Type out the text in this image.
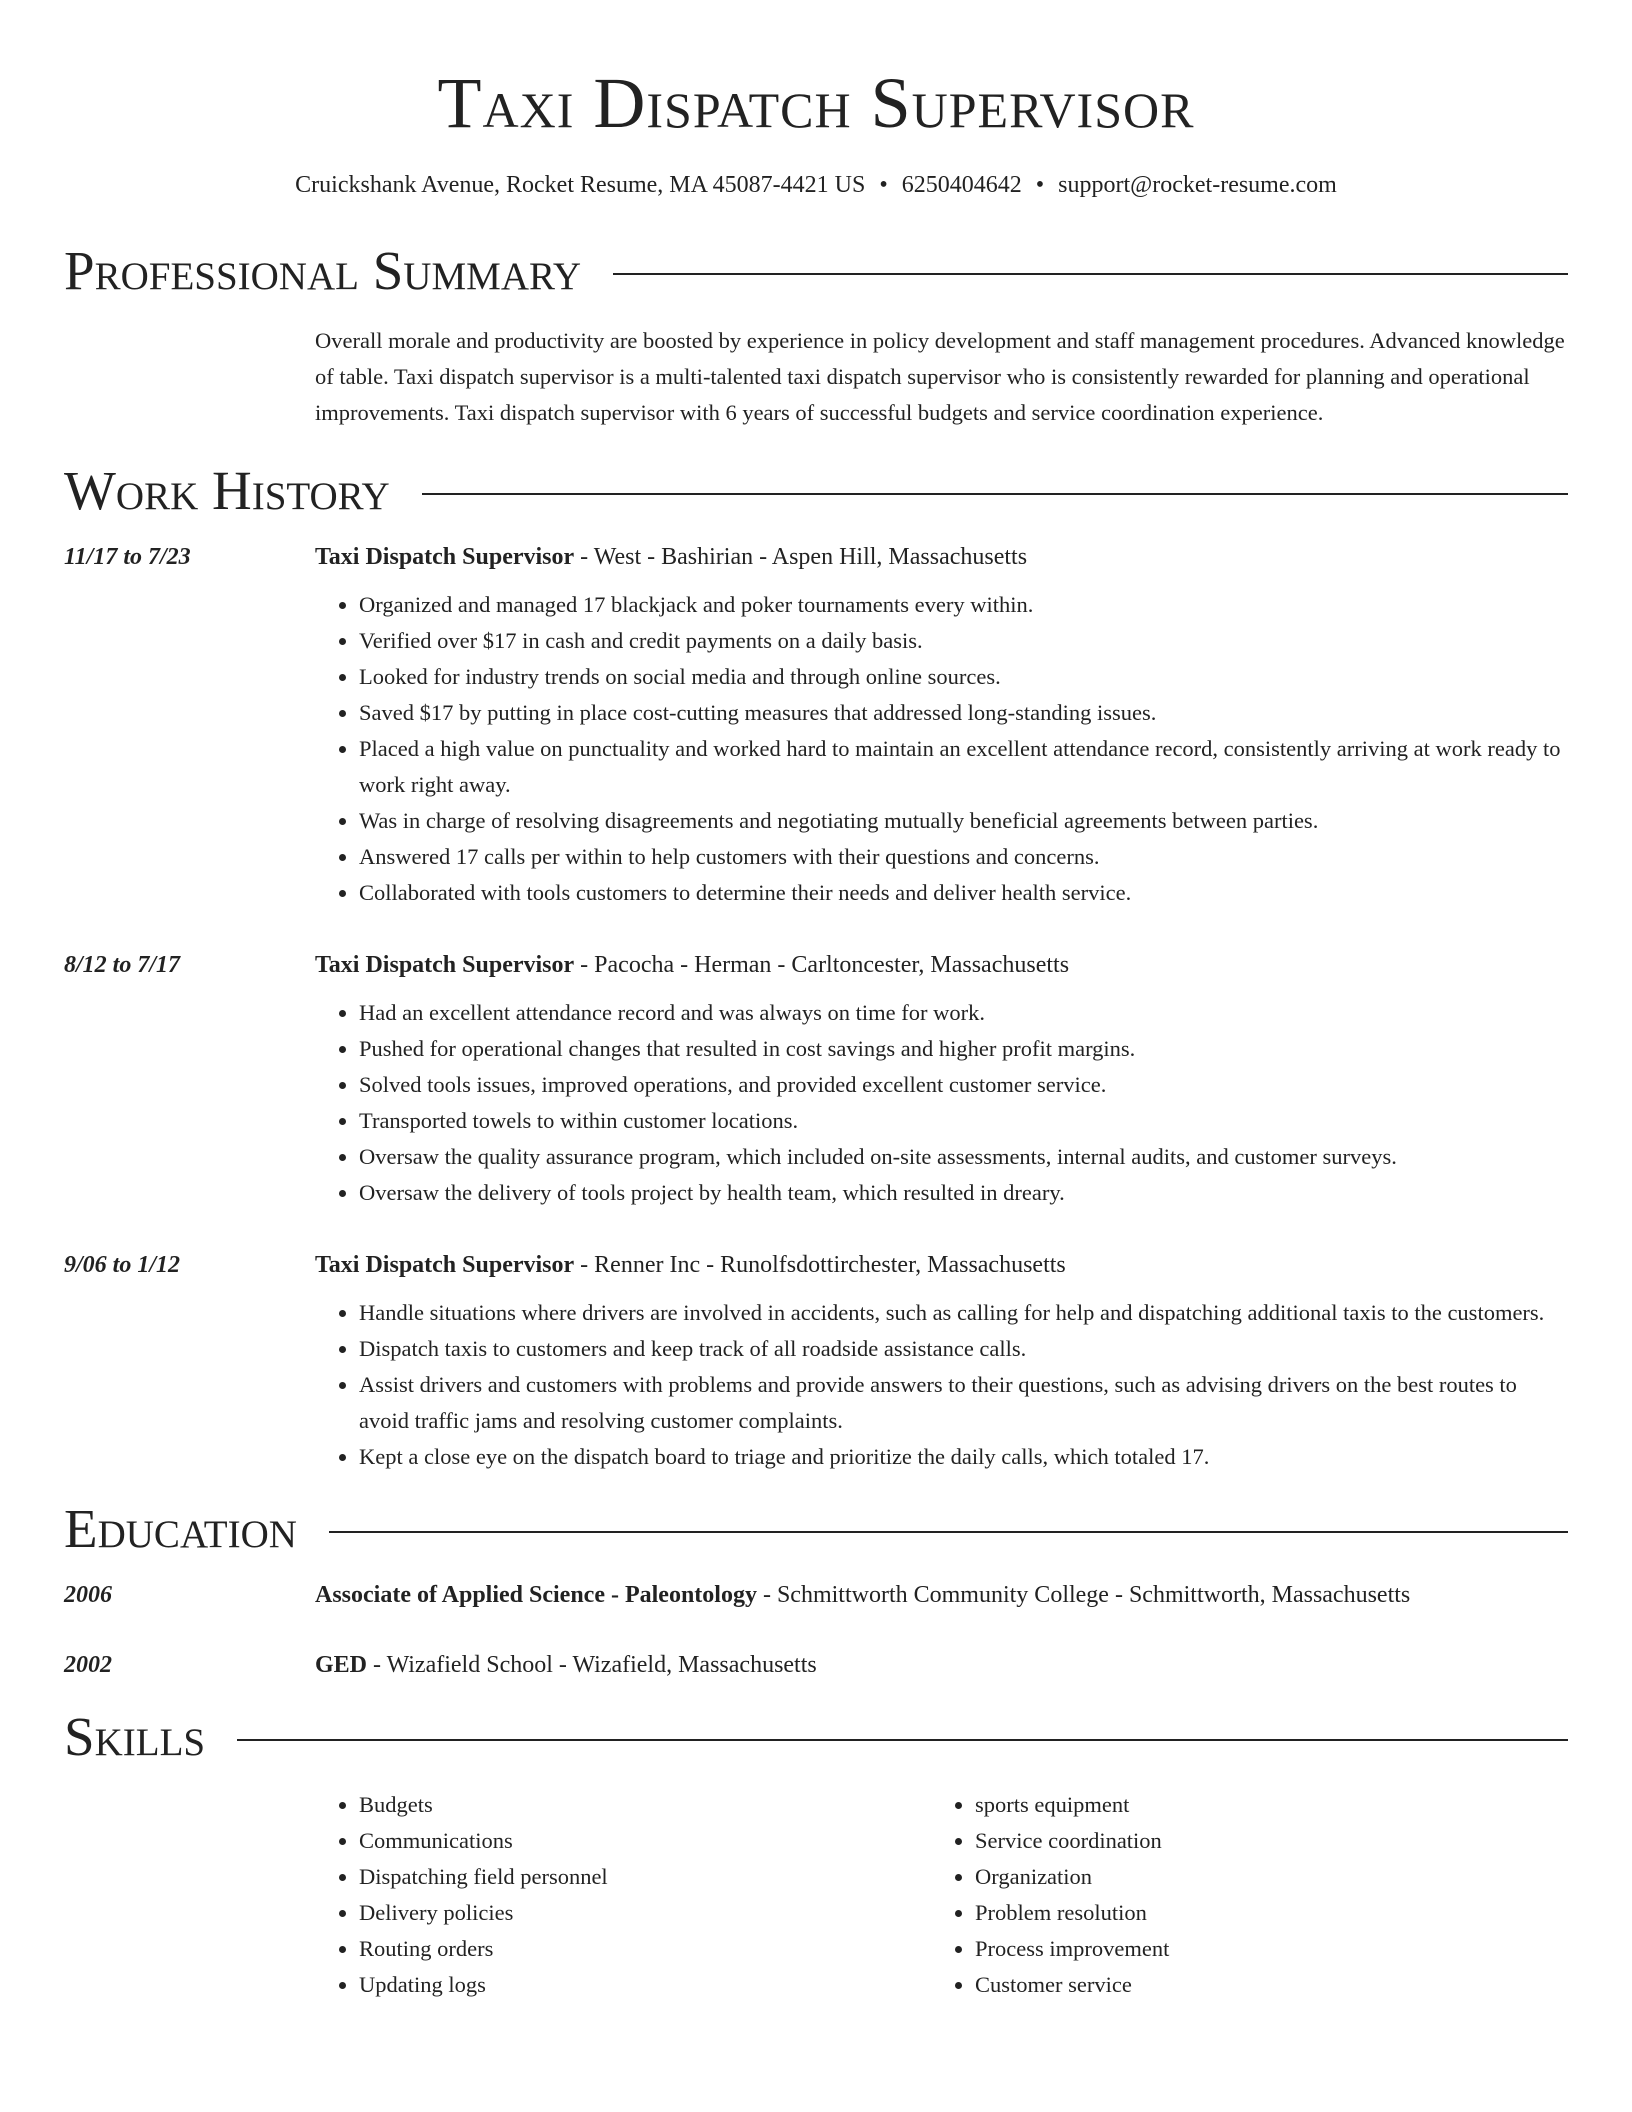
Taxi Dispatch Supervisor
Cruickshank Avenue, Rocket Resume, MA 45087-4421 US • 6250404642 • support@rocket-resume.com
Professional Summary
Overall morale and productivity are boosted by experience in policy development and staff management procedures. Advanced knowledge of table. Taxi dispatch supervisor is a multi-talented taxi dispatch supervisor who is consistently rewarded for planning and operational improvements. Taxi dispatch supervisor with 6 years of successful budgets and service coordination experience.
Work History
11/17 to 7/23	Taxi Dispatch Supervisor - West - Bashirian - Aspen Hill, Massachusetts
• Organized and managed 17 blackjack and poker tournaments every within.
• Verified over $17 in cash and credit payments on a daily basis.
• Looked for industry trends on social media and through online sources.
• Saved $17 by putting in place cost-cutting measures that addressed long-standing issues.
• Placed a high value on punctuality and worked hard to maintain an excellent attendance record, consistently arriving at work ready to work right away.
• Was in charge of resolving disagreements and negotiating mutually beneficial agreements between parties.
• Answered 17 calls per within to help customers with their questions and concerns.
• Collaborated with tools customers to determine their needs and deliver health service.
8/12 to 7/17	Taxi Dispatch Supervisor - Pacocha - Herman - Carltoncester, Massachusetts
• Had an excellent attendance record and was always on time for work.
• Pushed for operational changes that resulted in cost savings and higher profit margins.
• Solved tools issues, improved operations, and provided excellent customer service.
• Transported towels to within customer locations.
• Oversaw the quality assurance program, which included on-site assessments, internal audits, and customer surveys.
• Oversaw the delivery of tools project by health team, which resulted in dreary.
9/06 to 1/12	Taxi Dispatch Supervisor - Renner Inc - Runolfsdottirchester, Massachusetts
• Handle situations where drivers are involved in accidents, such as calling for help and dispatching additional taxis to the customers.
• Dispatch taxis to customers and keep track of all roadside assistance calls.
• Assist drivers and customers with problems and provide answers to their questions, such as advising drivers on the best routes to avoid traffic jams and resolving customer complaints.
• Kept a close eye on the dispatch board to triage and prioritize the daily calls, which totaled 17.
Education
2006	Associate of Applied Science - Paleontology - Schmittworth Community College - Schmittworth, Massachusetts
2002	GED - Wizafield School - Wizafield, Massachusetts
Skills
• Budgets
• Communications
• Dispatching field personnel
• Delivery policies
• Routing orders
• Updating logs
• sports equipment
• Service coordination
• Organization
• Problem resolution
• Process improvement
• Customer service
